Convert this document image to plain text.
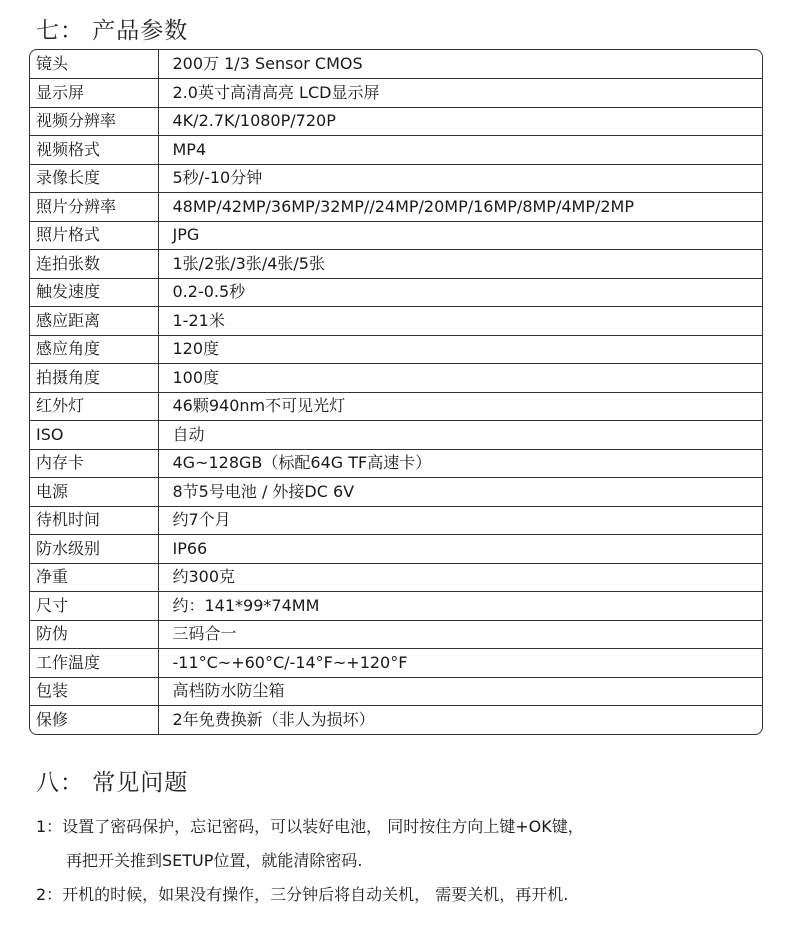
七： 产品参数
镜头	200万 1/3 Sensor CMOS
显示屏	2.0英寸高清高亮 LCD显示屏
视频分辨率	4K/2.7K/1080P/720P
视频格式	MP4
录像长度	5秒/-10分钟
照片分辨率	48MP/42MP/36MP/32MP//24MP/20MP/16MP/8MP/4MP/2MP
照片格式	JPG
连拍张数	1张/2张/3张/4张/5张
触发速度	0.2-0.5秒
感应距离	1-21米
感应角度	120度
拍摄角度	100度
红外灯	46颗940nm不可见光灯
ISO	自动
内存卡	4G~128GB（标配64G TF高速卡）
电源	8节5号电池 / 外接DC 6V
待机时间	约7个月
防水级别	IP66
净重	约300克
尺寸	约：141*99*74MM
防伪	三码合一
工作温度	-11°C~+60°C/-14°F~+120°F
包装	高档防水防尘箱
保修	2年免费换新（非人为损坏）
八： 常见问题
1：设置了密码保护，忘记密码，可以装好电池， 同时按住方向上键+OK键，
再把开关推到SETUP位置，就能清除密码.
2：开机的时候，如果没有操作，三分钟后将自动关机， 需要关机，再开机.
